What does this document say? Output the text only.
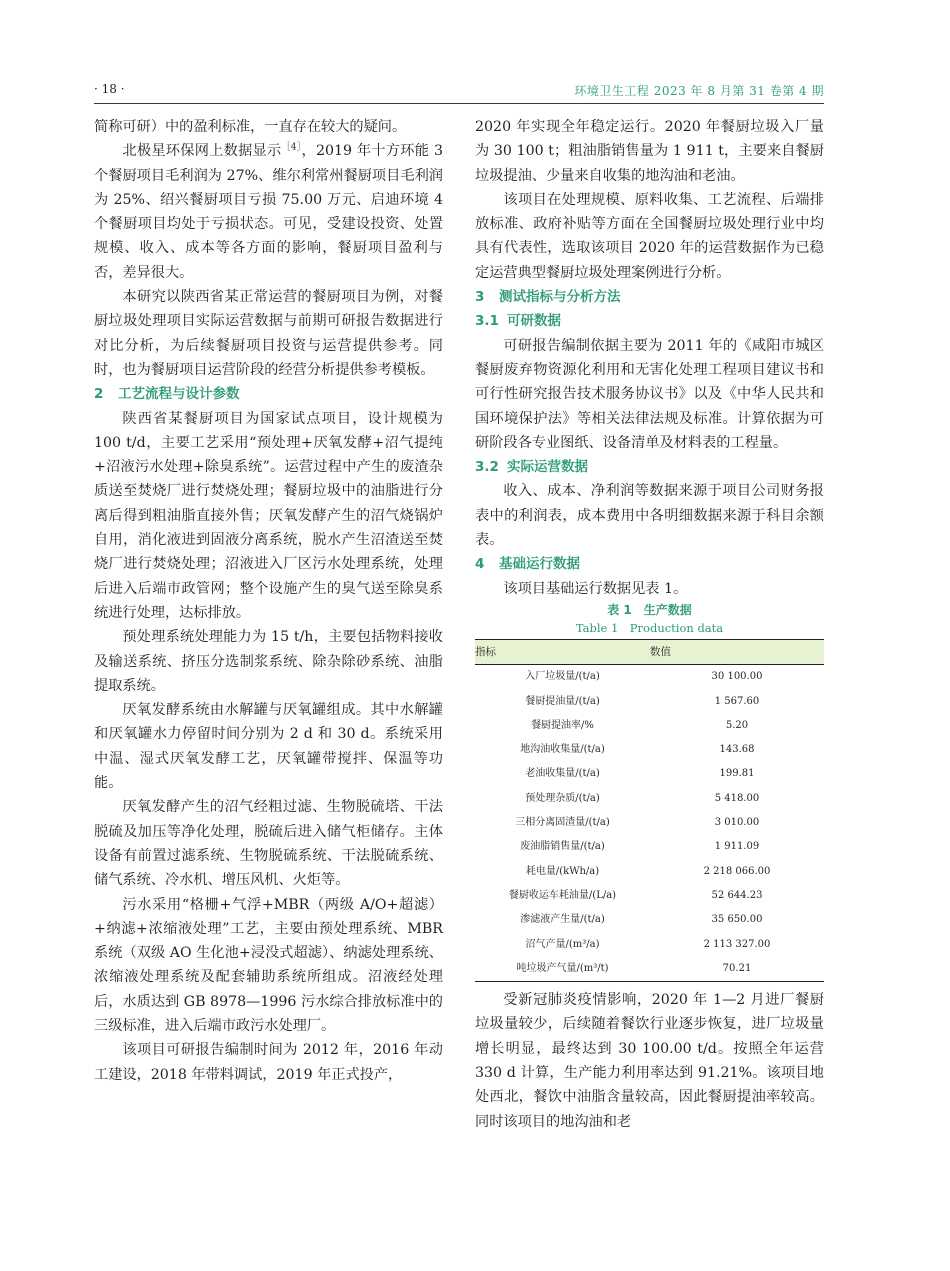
· 18 ·	环境卫生工程 2023 年 8 月第 31 卷第 4 期

简称可研）中的盈利标准，一直存在较大的疑问。

北极星环保网上数据显示$^{[4]}$，2019 年十方环能 3 个餐厨项目毛利润为 27%、维尔利常州餐厨项目毛利润为 25%、绍兴餐厨项目亏损 75.00 万元、启迪环境 4 个餐厨项目均处于亏损状态。可见，受建设投资、处置规模、收入、成本等各方面的影响，餐厨项目盈利与否，差异很大。

本研究以陕西省某正常运营的餐厨项目为例，对餐厨垃圾处理项目实际运营数据与前期可研报告数据进行对比分析，为后续餐厨项目投资与运营提供参考。同时，也为餐厨项目运营阶段的经营分析提供参考模板。

2 工艺流程与设计参数

陕西省某餐厨项目为国家试点项目，设计规模为 100 t/d，主要工艺采用“预处理+厌氧发酵+沼气提纯+沼液污水处理+除臭系统”。运营过程中产生的废渣杂质送至焚烧厂进行焚烧处理；餐厨垃圾中的油脂进行分离后得到粗油脂直接外售；厌氧发酵产生的沼气烧锅炉自用，消化液进到固液分离系统，脱水产生沼渣送至焚烧厂进行焚烧处理；沼液进入厂区污水处理系统，处理后进入后端市政管网；整个设施产生的臭气送至除臭系统进行处理，达标排放。

预处理系统处理能力为 15 t/h，主要包括物料接收及输送系统、挤压分选制浆系统、除杂除砂系统、油脂提取系统。

厌氧发酵系统由水解罐与厌氧罐组成。其中水解罐和厌氧罐水力停留时间分别为 2 d 和 30 d。系统采用中温、湿式厌氧发酵工艺，厌氧罐带搅拌、保温等功能。

厌氧发酵产生的沼气经粗过滤、生物脱硫塔、干法脱硫及加压等净化处理，脱硫后进入储气柜储存。主体设备有前置过滤系统、生物脱硫系统、干法脱硫系统、储气系统、冷水机、增压风机、火炬等。

污水采用“格栅+气浮+MBR（两级 A/O+超滤）+纳滤+浓缩液处理”工艺，主要由预处理系统、MBR 系统（双级 AO 生化池+浸没式超滤）、纳滤处理系统、浓缩液处理系统及配套辅助系统所组成。沼液经处理后，水质达到 GB 8978—1996 污水综合排放标准中的三级标准，进入后端市政污水处理厂。

该项目可研报告编制时间为 2012 年，2016 年动工建设，2018 年带料调试，2019 年正式投产，

2020 年实现全年稳定运行。2020 年餐厨垃圾入厂量为 30 100 t；粗油脂销售量为 1 911 t，主要来自餐厨垃圾提油、少量来自收集的地沟油和老油。

该项目在处理规模、原料收集、工艺流程、后端排放标准、政府补贴等方面在全国餐厨垃圾处理行业中均具有代表性，选取该项目 2020 年的运营数据作为已稳定运营典型餐厨垃圾处理案例进行分析。

3 测试指标与分析方法
3.1 可研数据

可研报告编制依据主要为 2011 年的《咸阳市城区餐厨废弃物资源化利用和无害化处理工程项目建议书和可行性研究报告技术服务协议书》以及《中华人民共和国环境保护法》等相关法律法规及标准。计算依据为可研阶段各专业图纸、设备清单及材料表的工程量。

3.2 实际运营数据

收入、成本、净利润等数据来源于项目公司财务报表中的利润表，成本费用中各明细数据来源于科目余额表。

4 基础运行数据

该项目基础运行数据见表 1。

表 1　生产数据
Table 1　Production data
指标	数值
入厂垃圾量/(t/a)	30 100.00
餐厨提油量/(t/a)	1 567.60
餐厨提油率/%	5.20
地沟油收集量/(t/a)	143.68
老油收集量/(t/a)	199.81
预处理杂质/(t/a)	5 418.00
三相分离固渣量/(t/a)	3 010.00
废油脂销售量/(t/a)	1 911.09
耗电量/(kWh/a)	2 218 066.00
餐厨收运车耗油量/(L/a)	52 644.23
渗滤液产生量/(t/a)	35 650.00
沼气产量/(m³/a)	2 113 327.00
吨垃圾产气量/(m³/t)	70.21

受新冠肺炎疫情影响，2020 年 1—2 月进厂餐厨垃圾量较少，后续随着餐饮行业逐步恢复，进厂垃圾量增长明显，最终达到 30 100.00 t/d。按照全年运营 330 d 计算，生产能力利用率达到 91.21%。该项目地处西北，餐饮中油脂含量较高，因此餐厨提油率较高。同时该项目的地沟油和老
